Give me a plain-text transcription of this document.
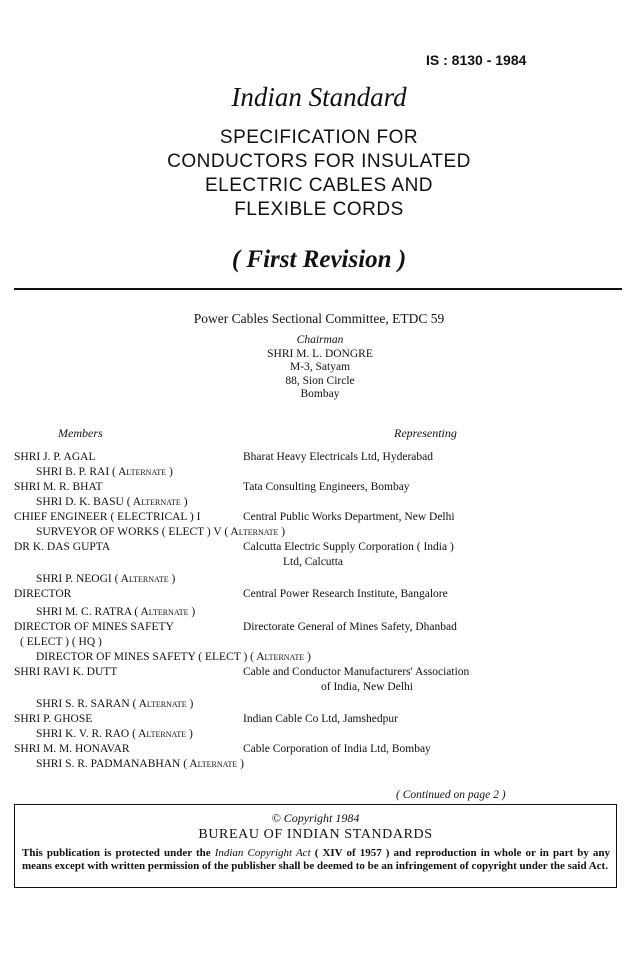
IS : 8130 - 1984
Indian Standard
SPECIFICATION FOR
CONDUCTORS FOR INSULATED
ELECTRIC CABLES AND
FLEXIBLE CORDS
( First Revision )
Power Cables Sectional Committee, ETDC 59
Chairman
SHRI M. L. DONGRE
M-3, Satyam
88, Sion Circle
Bombay
Members	Representing
SHRI J. P. AGAL	Bharat Heavy Electricals Ltd, Hyderabad
SHRI B. P. RAI ( Alternate )
SHRI M. R. BHAT	Tata Consulting Engineers, Bombay
SHRI D. K. BASU ( Alternate )
CHIEF ENGINEER ( ELECTRICAL ) I	Central Public Works Department, New Delhi
SURVEYOR OF WORKS ( ELECT ) V ( Alternate )
DR K. DAS GUPTA	Calcutta Electric Supply Corporation ( India )
Ltd, Calcutta
SHRI P. NEOGI ( Alternate )
DIRECTOR	Central Power Research Institute, Bangalore
SHRI M. C. RATRA ( Alternate )
DIRECTOR OF MINES SAFETY	Directorate General of Mines Safety, Dhanbad
( ELECT ) ( HQ )
DIRECTOR OF MINES SAFETY ( ELECT ) ( Alternate )
SHRI RAVI K. DUTT	Cable and Conductor Manufacturers' Association
of India, New Delhi
SHRI S. R. SARAN ( Alternate )
SHRI P. GHOSE	Indian Cable Co Ltd, Jamshedpur
SHRI K. V. R. RAO ( Alternate )
SHRI M. M. HONAVAR	Cable Corporation of India Ltd, Bombay
SHRI S. R. PADMANABHAN ( Alternate )
( Continued on page 2 )
© Copyright 1984
BUREAU OF INDIAN STANDARDS
This publication is protected under the Indian Copyright Act ( XIV of 1957 ) and reproduction in whole or in part by any means except with written permission of the publisher shall be deemed to be an infringement of copyright under the said Act.
